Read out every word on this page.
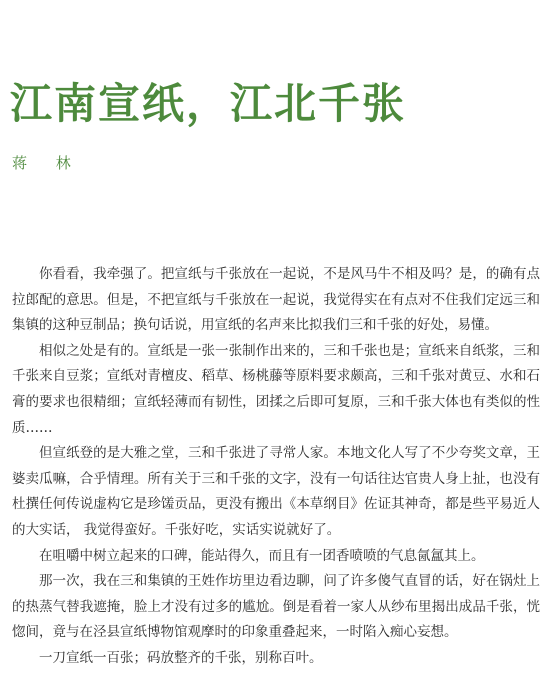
江南宣纸，江北千张
蒋 林

你看看，我牵强了。把宣纸与千张放在一起说，不是风马牛不相及吗？是，的确有点拉郎配的意思。但是，不把宣纸与千张放在一起说，我觉得实在有点对不住我们定远三和集镇的这种豆制品；换句话说，用宣纸的名声来比拟我们三和千张的好处，易懂。

相似之处是有的。宣纸是一张一张制作出来的，三和千张也是；宣纸来自纸浆，三和千张来自豆浆；宣纸对青檀皮、稻草、杨桃藤等原料要求颇高，三和千张对黄豆、水和石膏的要求也很精细；宣纸轻薄而有韧性，团揉之后即可复原，三和千张大体也有类似的性质……

但宣纸登的是大雅之堂，三和千张进了寻常人家。本地文化人写了不少夸奖文章，王婆卖瓜嘛，合乎情理。所有关于三和千张的文字，没有一句话往达官贵人身上扯，也没有杜撰任何传说虚构它是珍馐贡品，更没有搬出《本草纲目》佐证其神奇，都是些平易近人的大实话， 我觉得蛮好。千张好吃，实话实说就好了。

在咀嚼中树立起来的口碑，能站得久，而且有一团香喷喷的气息氤氲其上。

那一次，我在三和集镇的王姓作坊里边看边聊，问了许多傻气直冒的话，好在锅灶上的热蒸气替我遮掩，脸上才没有过多的尴尬。倒是看着一家人从纱布里揭出成品千张，恍惚间，竟与在泾县宣纸博物馆观摩时的印象重叠起来，一时陷入痴心妄想。

一刀宣纸一百张；码放整齐的千张，别称百叶。
